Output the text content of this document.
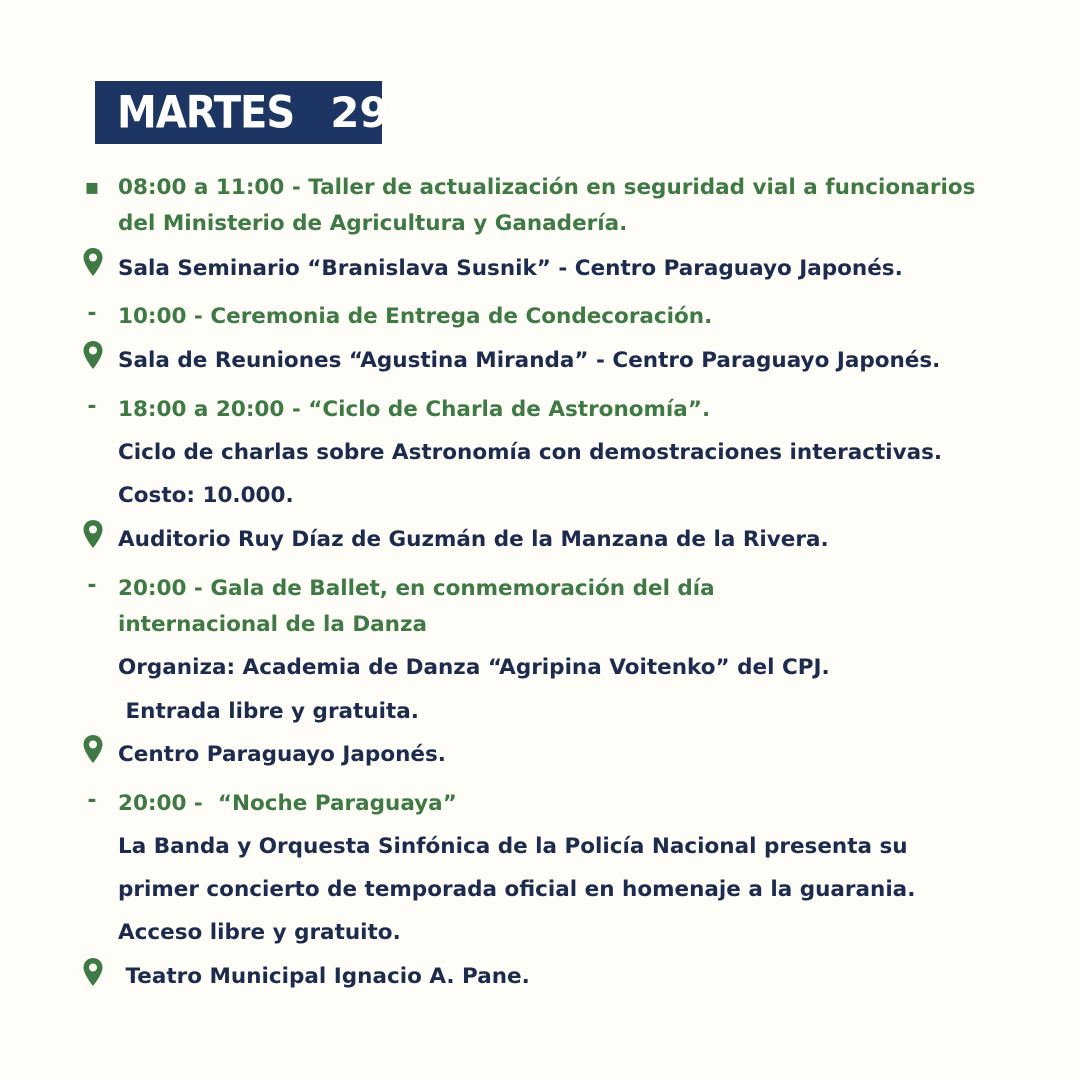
MARTES 29
▪ 08:00 a 11:00 - Taller de actualización en seguridad vial a funcionarios
del Ministerio de Agricultura y Ganadería.
Sala Seminario “Branislava Susnik” - Centro Paraguayo Japonés.
- 10:00 - Ceremonia de Entrega de Condecoración.
Sala de Reuniones “Agustina Miranda” - Centro Paraguayo Japonés.
- 18:00 a 20:00 - “Ciclo de Charla de Astronomía”.
Ciclo de charlas sobre Astronomía con demostraciones interactivas.
Costo: 10.000.
Auditorio Ruy Díaz de Guzmán de la Manzana de la Rivera.
- 20:00 - Gala de Ballet, en conmemoración del día
internacional de la Danza
Organiza: Academia de Danza “Agripina Voitenko” del CPJ.
Entrada libre y gratuita.
Centro Paraguayo Japonés.
- 20:00 -  “Noche Paraguaya”
La Banda y Orquesta Sinfónica de la Policía Nacional presenta su
primer concierto de temporada oficial en homenaje a la guarania.
Acceso libre y gratuito.
Teatro Municipal Ignacio A. Pane.
